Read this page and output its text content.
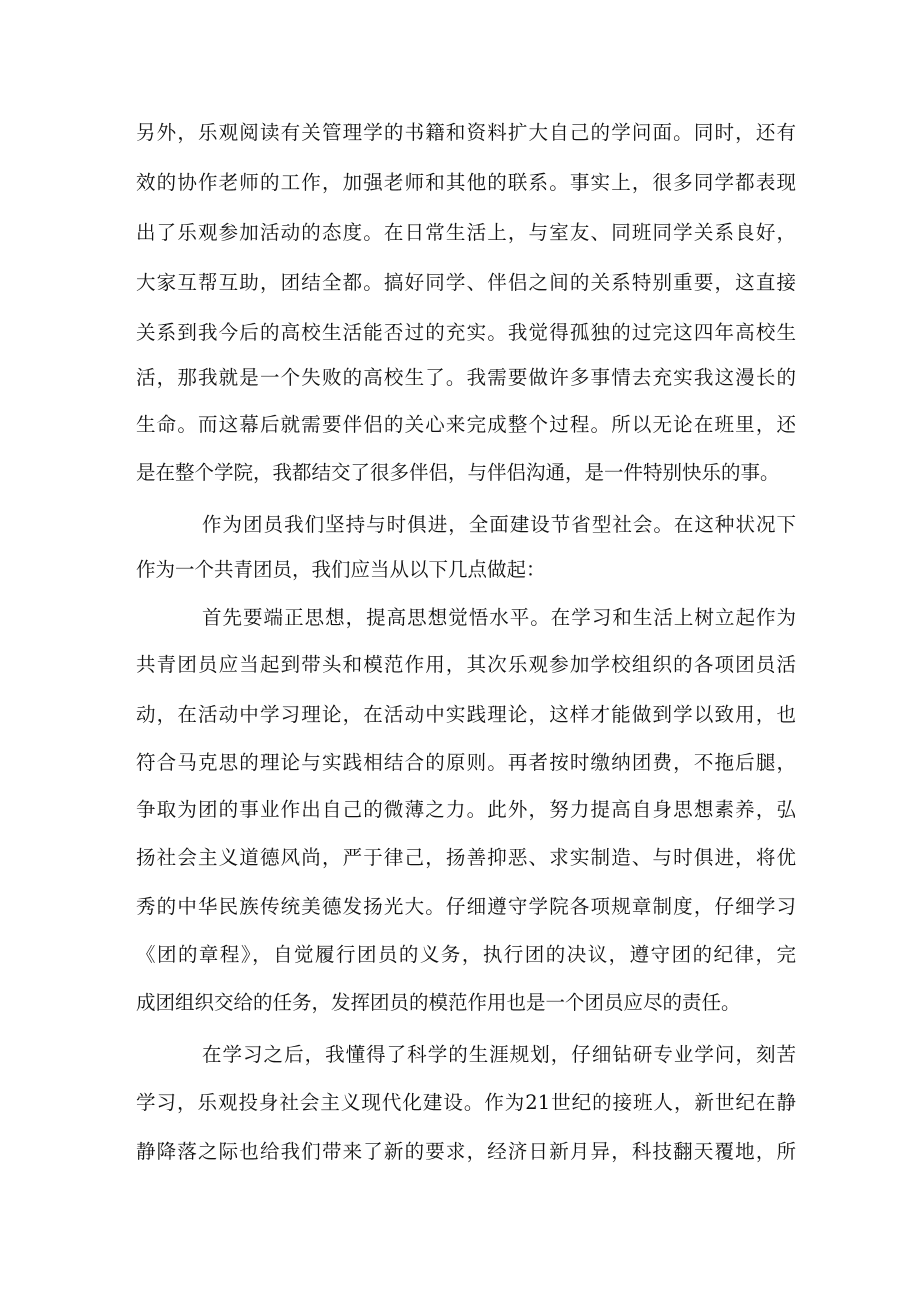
另外，乐观阅读有关管理学的书籍和资料扩大自己的学问面。同时，还有
效的协作老师的工作，加强老师和其他的联系。事实上，很多同学都表现
出了乐观参加活动的态度。在日常生活上，与室友、同班同学关系良好，
大家互帮互助，团结全都。搞好同学、伴侣之间的关系特别重要，这直接
关系到我今后的高校生活能否过的充实。我觉得孤独的过完这四年高校生
活，那我就是一个失败的高校生了。我需要做许多事情去充实我这漫长的
生命。而这幕后就需要伴侣的关心来完成整个过程。所以无论在班里，还
是在整个学院，我都结交了很多伴侣，与伴侣沟通，是一件特别快乐的事。
作为团员我们坚持与时俱进，全面建设节省型社会。在这种状况下
作为一个共青团员，我们应当从以下几点做起：
首先要端正思想，提高思想觉悟水平。在学习和生活上树立起作为
共青团员应当起到带头和模范作用，其次乐观参加学校组织的各项团员活
动，在活动中学习理论，在活动中实践理论，这样才能做到学以致用，也
符合马克思的理论与实践相结合的原则。再者按时缴纳团费，不拖后腿，
争取为团的事业作出自己的微薄之力。此外，努力提高自身思想素养，弘
扬社会主义道德风尚，严于律己，扬善抑恶、求实制造、与时俱进，将优
秀的中华民族传统美德发扬光大。仔细遵守学院各项规章制度，仔细学习
《团的章程》，自觉履行团员的义务，执行团的决议，遵守团的纪律，完
成团组织交给的任务，发挥团员的模范作用也是一个团员应尽的责任。
在学习之后，我懂得了科学的生涯规划，仔细钻研专业学问，刻苦
学习，乐观投身社会主义现代化建设。作为21世纪的接班人，新世纪在静
静降落之际也给我们带来了新的要求，经济日新月异，科技翻天覆地，所
